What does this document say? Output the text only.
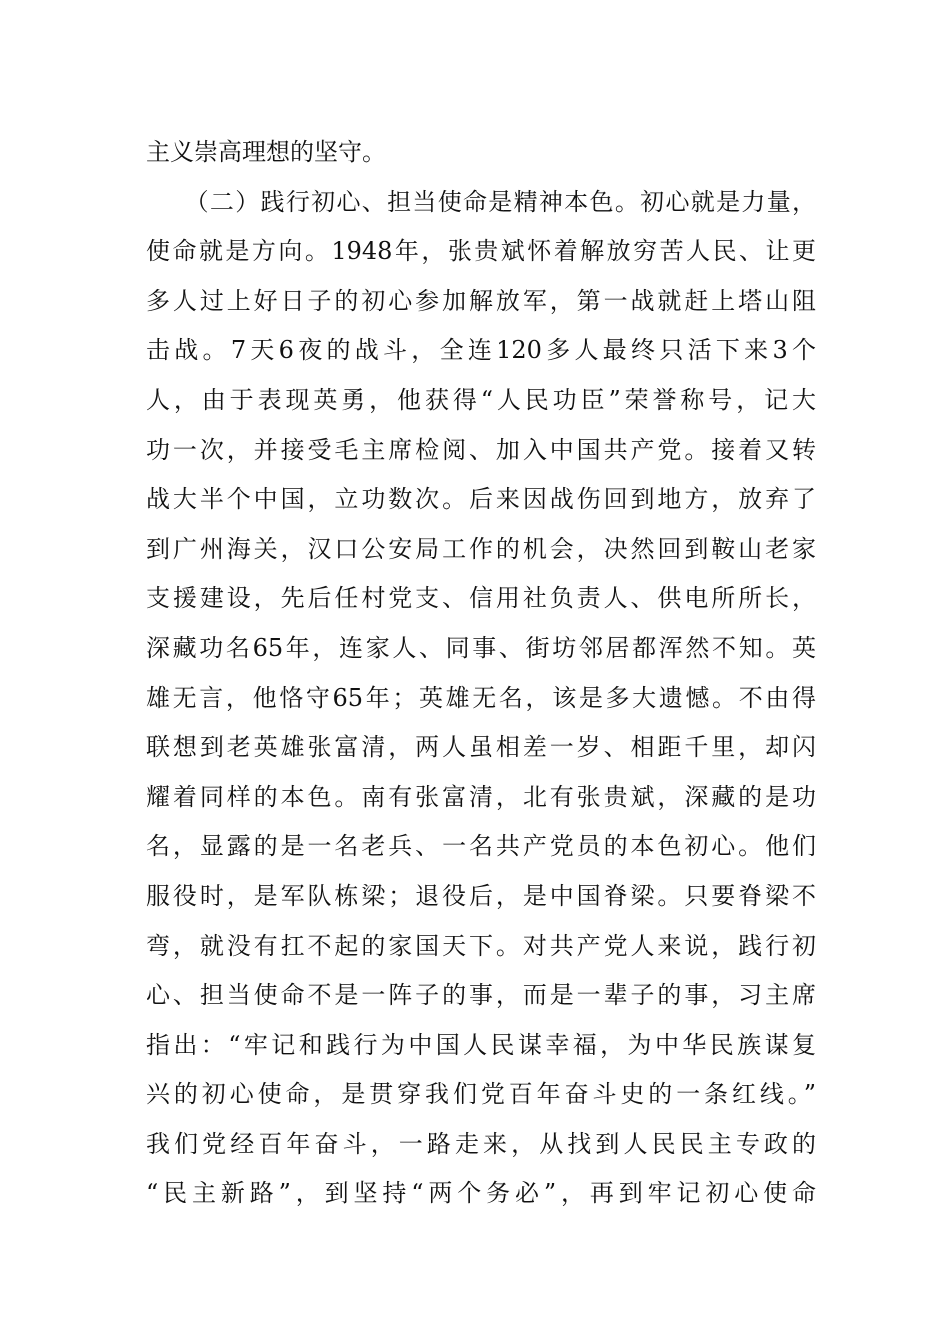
主义崇高理想的坚守。
　　（二）践行初心、担当使命是精神本色。初心就是力量，
使命就是方向。1948年，张贵斌怀着解放穷苦人民、让更
多人过上好日子的初心参加解放军，第一战就赶上塔山阻
击战。7天6夜的战斗，全连120多人最终只活下来3个
人，由于表现英勇，他获得“人民功臣”荣誉称号，记大
功一次，并接受毛主席检阅、加入中国共产党。接着又转
战大半个中国，立功数次。后来因战伤回到地方，放弃了
到广州海关，汉口公安局工作的机会，决然回到鞍山老家
支援建设，先后任村党支、信用社负责人、供电所所长，
深藏功名65年，连家人、同事、街坊邻居都浑然不知。英
雄无言，他恪守65年；英雄无名，该是多大遗憾。不由得
联想到老英雄张富清，两人虽相差一岁、相距千里，却闪
耀着同样的本色。南有张富清，北有张贵斌，深藏的是功
名，显露的是一名老兵、一名共产党员的本色初心。他们
服役时，是军队栋梁；退役后，是中国脊梁。只要脊梁不
弯，就没有扛不起的家国天下。对共产党人来说，践行初
心、担当使命不是一阵子的事，而是一辈子的事，习主席
指出：“牢记和践行为中国人民谋幸福，为中华民族谋复
兴的初心使命，是贯穿我们党百年奋斗史的一条红线。”
我们党经百年奋斗，一路走来，从找到人民民主专政的
“民主新路”，到坚持“两个务必”，再到牢记初心使命
